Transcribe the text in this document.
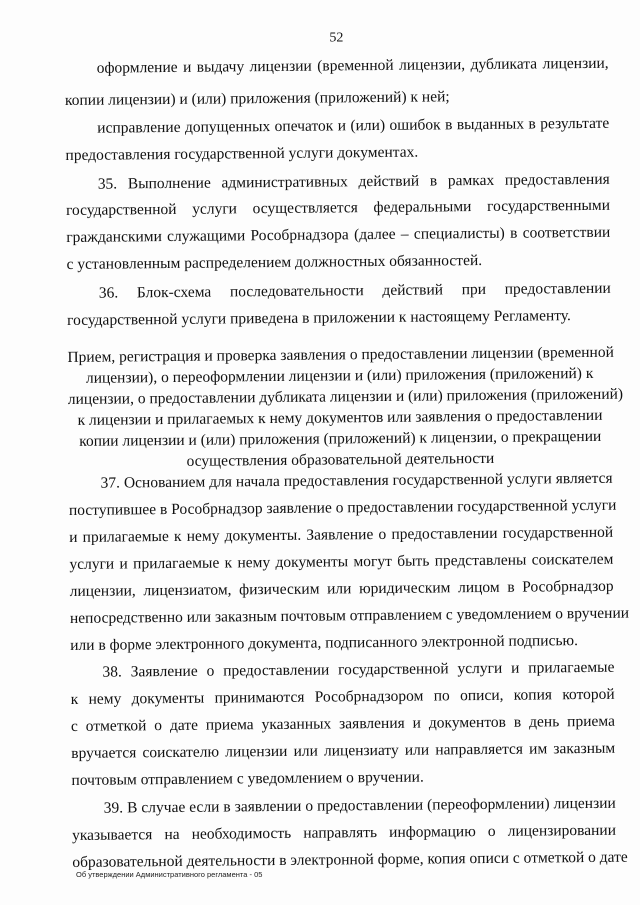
52
оформление и выдачу лицензии (временной лицензии, дубликата лицензии,
копии лицензии) и (или) приложения (приложений) к ней;
исправление допущенных опечаток и (или) ошибок в выданных в результате
предоставления государственной услуги документах.
35. Выполнение административных действий в рамках предоставления
государственной услуги осуществляется федеральными государственными
гражданскими служащими Рособрнадзора (далее – специалисты) в соответствии
с установленным распределением должностных обязанностей.
36. Блок-схема последовательности действий при предоставлении
государственной услуги приведена в приложении к настоящему Регламенту.
Прием, регистрация и проверка заявления о предоставлении лицензии (временной
лицензии), о переоформлении лицензии и (или) приложения (приложений) к
лицензии, о предоставлении дубликата лицензии и (или) приложения (приложений)
к лицензии и прилагаемых к нему документов или заявления о предоставлении
копии лицензии и (или) приложения (приложений) к лицензии, о прекращении
осуществления образовательной деятельности
37. Основанием для начала предоставления государственной услуги является
поступившее в Рособрнадзор заявление о предоставлении государственной услуги
и прилагаемые к нему документы. Заявление о предоставлении государственной
услуги и прилагаемые к нему документы могут быть представлены соискателем
лицензии, лицензиатом, физическим или юридическим лицом в Рособрнадзор
непосредственно или заказным почтовым отправлением с уведомлением о вручении
или в форме электронного документа, подписанного электронной подписью.
38. Заявление о предоставлении государственной услуги и прилагаемые
к нему документы принимаются Рособрнадзором по описи, копия которой
с отметкой о дате приема указанных заявления и документов в день приема
вручается соискателю лицензии или лицензиату или направляется им заказным
почтовым отправлением с уведомлением о вручении.
39. В случае если в заявлении о предоставлении (переоформлении) лицензии
указывается на необходимость направлять информацию о лицензировании
образовательной деятельности в электронной форме, копия описи с отметкой о дате
Об утверждении Административного регламента - 05
